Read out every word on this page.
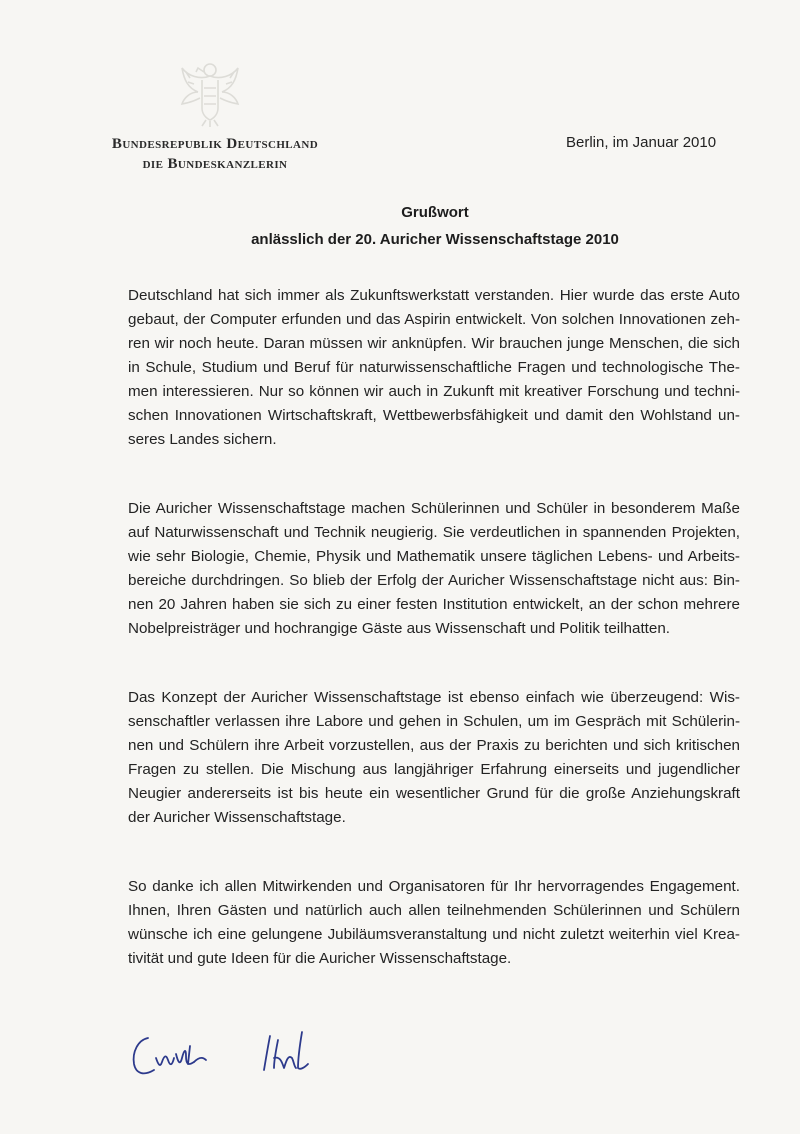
Bundesrepublik Deutschland
die Bundeskanzlerin
Berlin, im Januar 2010
Grußwort
anlässlich der 20. Auricher Wissenschaftstage 2010
Deutschland hat sich immer als Zukunftswerkstatt verstanden. Hier wurde das erste Auto
gebaut, der Computer erfunden und das Aspirin entwickelt. Von solchen Innovationen zeh-
ren wir noch heute. Daran müssen wir anknüpfen. Wir brauchen junge Menschen, die sich
in Schule, Studium und Beruf für naturwissenschaftliche Fragen und technologische The-
men interessieren. Nur so können wir auch in Zukunft mit kreativer Forschung und techni-
schen Innovationen Wirtschaftskraft, Wettbewerbsfähigkeit und damit den Wohlstand un-
seres Landes sichern.
Die Auricher Wissenschaftstage machen Schülerinnen und Schüler in besonderem Maße
auf Naturwissenschaft und Technik neugierig. Sie verdeutlichen in spannenden Projekten,
wie sehr Biologie, Chemie, Physik und Mathematik unsere täglichen Lebens- und Arbeits-
bereiche durchdringen. So blieb der Erfolg der Auricher Wissenschaftstage nicht aus: Bin-
nen 20 Jahren haben sie sich zu einer festen Institution entwickelt, an der schon mehrere
Nobelpreisträger und hochrangige Gäste aus Wissenschaft und Politik teilhatten.
Das Konzept der Auricher Wissenschaftstage ist ebenso einfach wie überzeugend: Wis-
senschaftler verlassen ihre Labore und gehen in Schulen, um im Gespräch mit Schülerin-
nen und Schülern ihre Arbeit vorzustellen, aus der Praxis zu berichten und sich kritischen
Fragen zu stellen. Die Mischung aus langjähriger Erfahrung einerseits und jugendlicher
Neugier andererseits ist bis heute ein wesentlicher Grund für die große Anziehungskraft
der Auricher Wissenschaftstage.
So danke ich allen Mitwirkenden und Organisatoren für Ihr hervorragendes Engagement.
Ihnen, Ihren Gästen und natürlich auch allen teilnehmenden Schülerinnen und Schülern
wünsche ich eine gelungene Jubiläumsveranstaltung und nicht zuletzt weiterhin viel Krea-
tivität und gute Ideen für die Auricher Wissenschaftstage.
